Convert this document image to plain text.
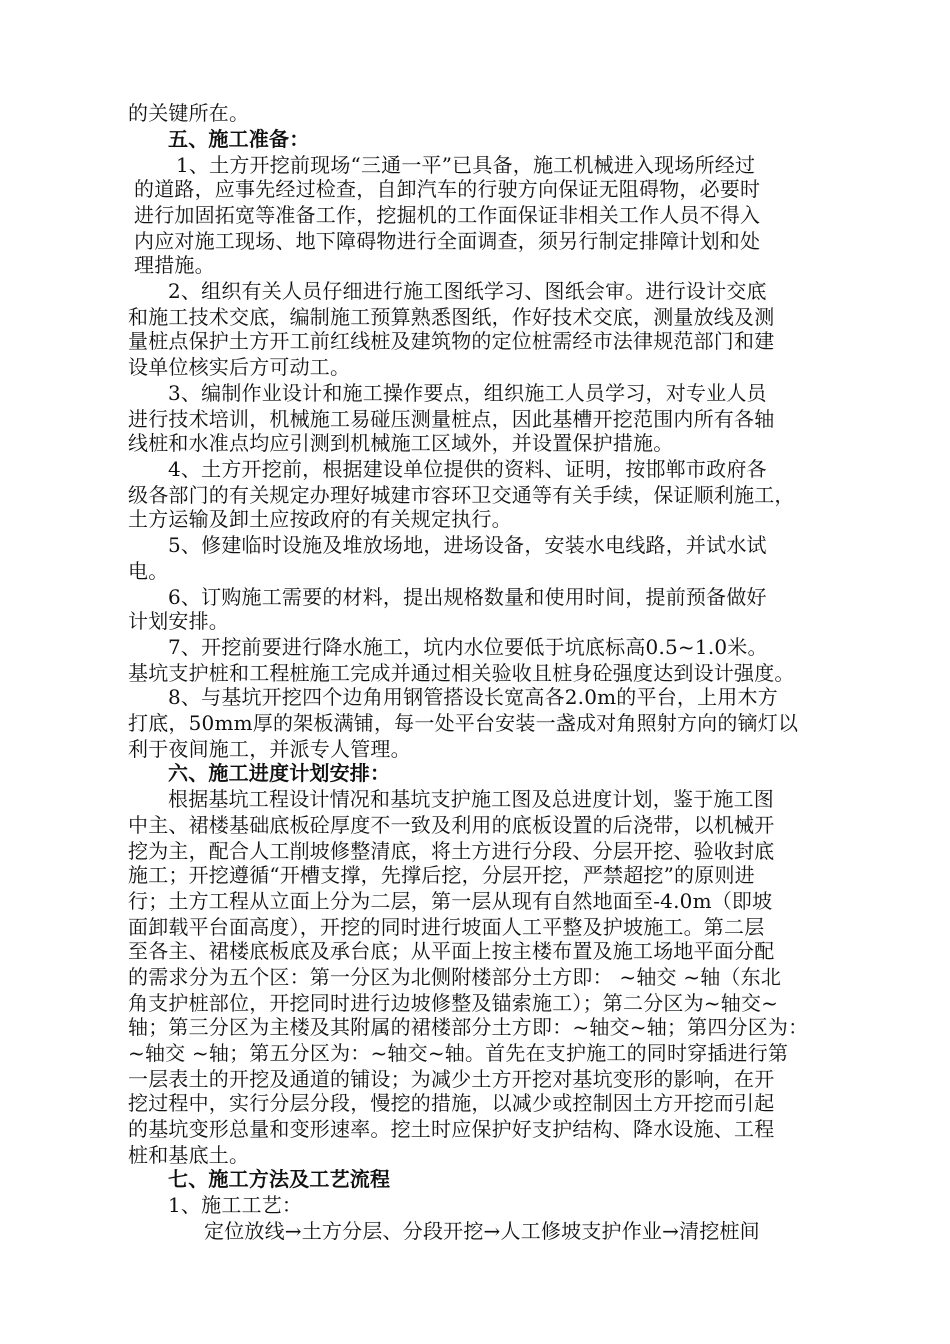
的关键所在。
五、施工准备：
1、土方开挖前现场“三通一平”已具备，施工机械进入现场所经过
的道路，应事先经过检查，自卸汽车的行驶方向保证无阻碍物，必要时
进行加固拓宽等准备工作，挖掘机的工作面保证非相关工作人员不得入
内应对施工现场、地下障碍物进行全面调查，须另行制定排障计划和处
理措施。
2、组织有关人员仔细进行施工图纸学习、图纸会审。进行设计交底
和施工技术交底，编制施工预算熟悉图纸，作好技术交底，测量放线及测
量桩点保护土方开工前红线桩及建筑物的定位桩需经市法律规范部门和建
设单位核实后方可动工。
3、编制作业设计和施工操作要点，组织施工人员学习，对专业人员
进行技术培训，机械施工易碰压测量桩点，因此基槽开挖范围内所有各轴
线桩和水准点均应引测到机械施工区域外，并设置保护措施。
4、土方开挖前，根据建设单位提供的资料、证明，按邯郸市政府各
级各部门的有关规定办理好城建市容环卫交通等有关手续，保证顺利施工，
土方运输及卸土应按政府的有关规定执行。
5、修建临时设施及堆放场地，进场设备，安装水电线路，并试水试
电。
6、订购施工需要的材料，提出规格数量和使用时间，提前预备做好
计划安排。
7、开挖前要进行降水施工，坑内水位要低于坑底标高0.5~1.0米。
基坑支护桩和工程桩施工完成并通过相关验收且桩身砼强度达到设计强度。
8、与基坑开挖四个边角用钢管搭设长宽高各2.0m的平台，上用木方
打底，50mm厚的架板满铺，每一处平台安装一盏成对角照射方向的镝灯以
利于夜间施工，并派专人管理。
六、施工进度计划安排：
根据基坑工程设计情况和基坑支护施工图及总进度计划，鉴于施工图
中主、裙楼基础底板砼厚度不一致及利用的底板设置的后浇带，以机械开
挖为主，配合人工削坡修整清底，将土方进行分段、分层开挖、验收封底
施工；开挖遵循“开槽支撑，先撑后挖，分层开挖，严禁超挖”的原则进
行；土方工程从立面上分为二层，第一层从现有自然地面至-4.0m（即坡
面卸载平台面高度），开挖的同时进行坡面人工平整及护坡施工。第二层
至各主、裙楼底板底及承台底；从平面上按主楼布置及施工场地平面分配
的需求分为五个区：第一分区为北侧附楼部分土方即： ~轴交 ~轴（东北
角支护桩部位，开挖同时进行边坡修整及锚索施工）；第二分区为~轴交~
轴；第三分区为主楼及其附属的裙楼部分土方即：~轴交~轴；第四分区为：
~轴交 ~轴；第五分区为：~轴交~轴。首先在支护施工的同时穿插进行第
一层表土的开挖及通道的铺设；为减少土方开挖对基坑变形的影响，在开
挖过程中，实行分层分段，慢挖的措施，以减少或控制因土方开挖而引起
的基坑变形总量和变形速率。挖土时应保护好支护结构、降水设施、工程
桩和基底土。
七、施工方法及工艺流程
1、施工工艺：
定位放线→土方分层、分段开挖→人工修坡支护作业→清挖桩间
